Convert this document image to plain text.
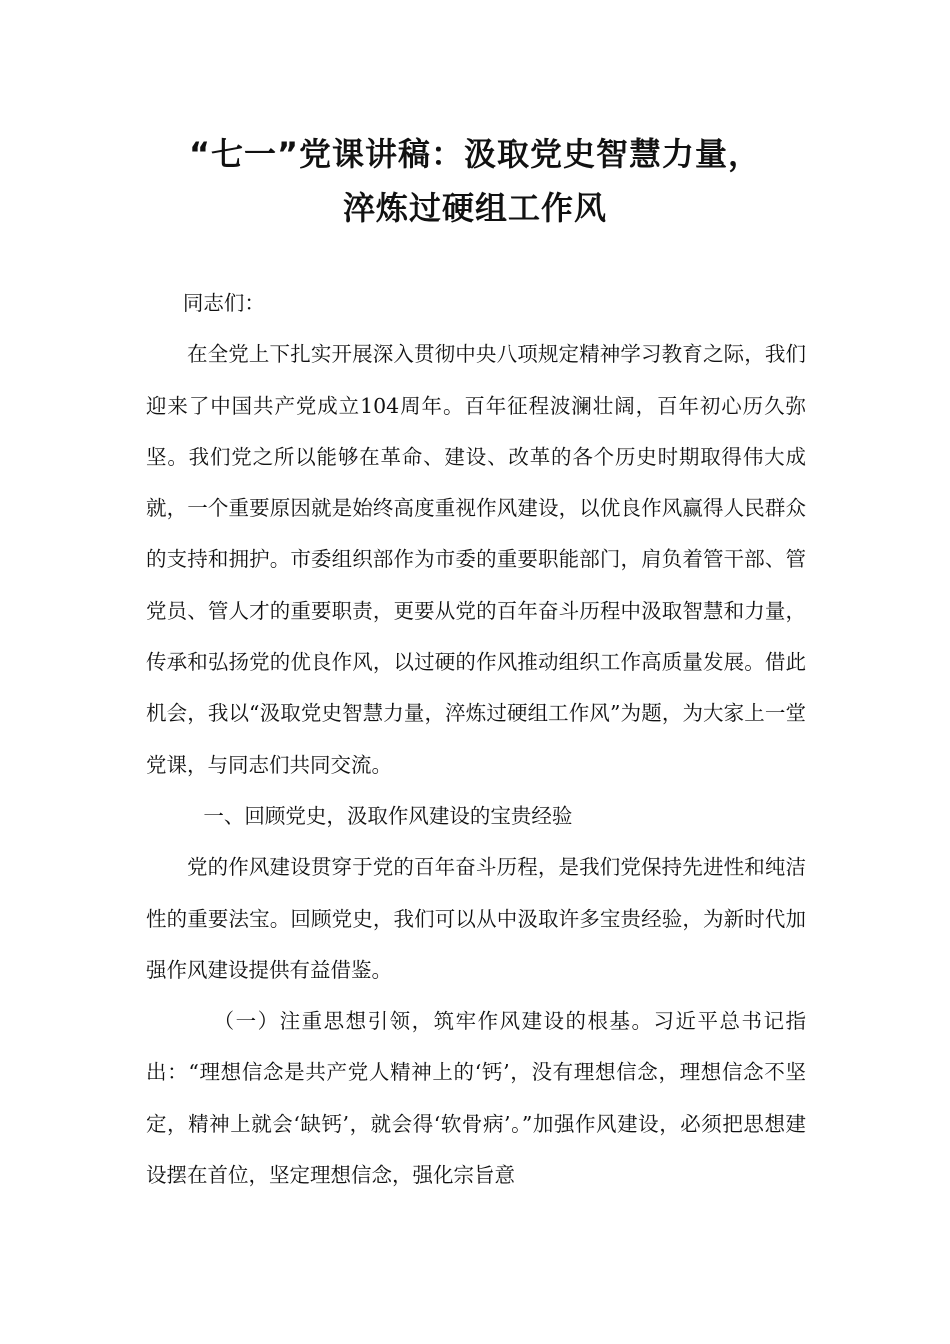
“七一”党课讲稿：汲取党史智慧力量，
淬炼过硬组工作风

同志们：

在全党上下扎实开展深入贯彻中央八项规定精神学习教育之际，我们迎来了中国共产党成立104周年。百年征程波澜壮阔，百年初心历久弥坚。我们党之所以能够在革命、建设、改革的各个历史时期取得伟大成就，一个重要原因就是始终高度重视作风建设，以优良作风赢得人民群众的支持和拥护。市委组织部作为市委的重要职能部门，肩负着管干部、管党员、管人才的重要职责，更要从党的百年奋斗历程中汲取智慧和力量，传承和弘扬党的优良作风，以过硬的作风推动组织工作高质量发展。借此机会，我以“汲取党史智慧力量，淬炼过硬组工作风”为题，为大家上一堂党课，与同志们共同交流。

一、回顾党史，汲取作风建设的宝贵经验

党的作风建设贯穿于党的百年奋斗历程，是我们党保持先进性和纯洁性的重要法宝。回顾党史，我们可以从中汲取许多宝贵经验，为新时代加强作风建设提供有益借鉴。

（一）注重思想引领，筑牢作风建设的根基。习近平总书记指出：“理想信念是共产党人精神上的‘钙’，没有理想信念，理想信念不坚定，精神上就会‘缺钙’，就会得‘软骨病’。”加强作风建设，必须把思想建设摆在首位，坚定理想信念，强化宗旨意
